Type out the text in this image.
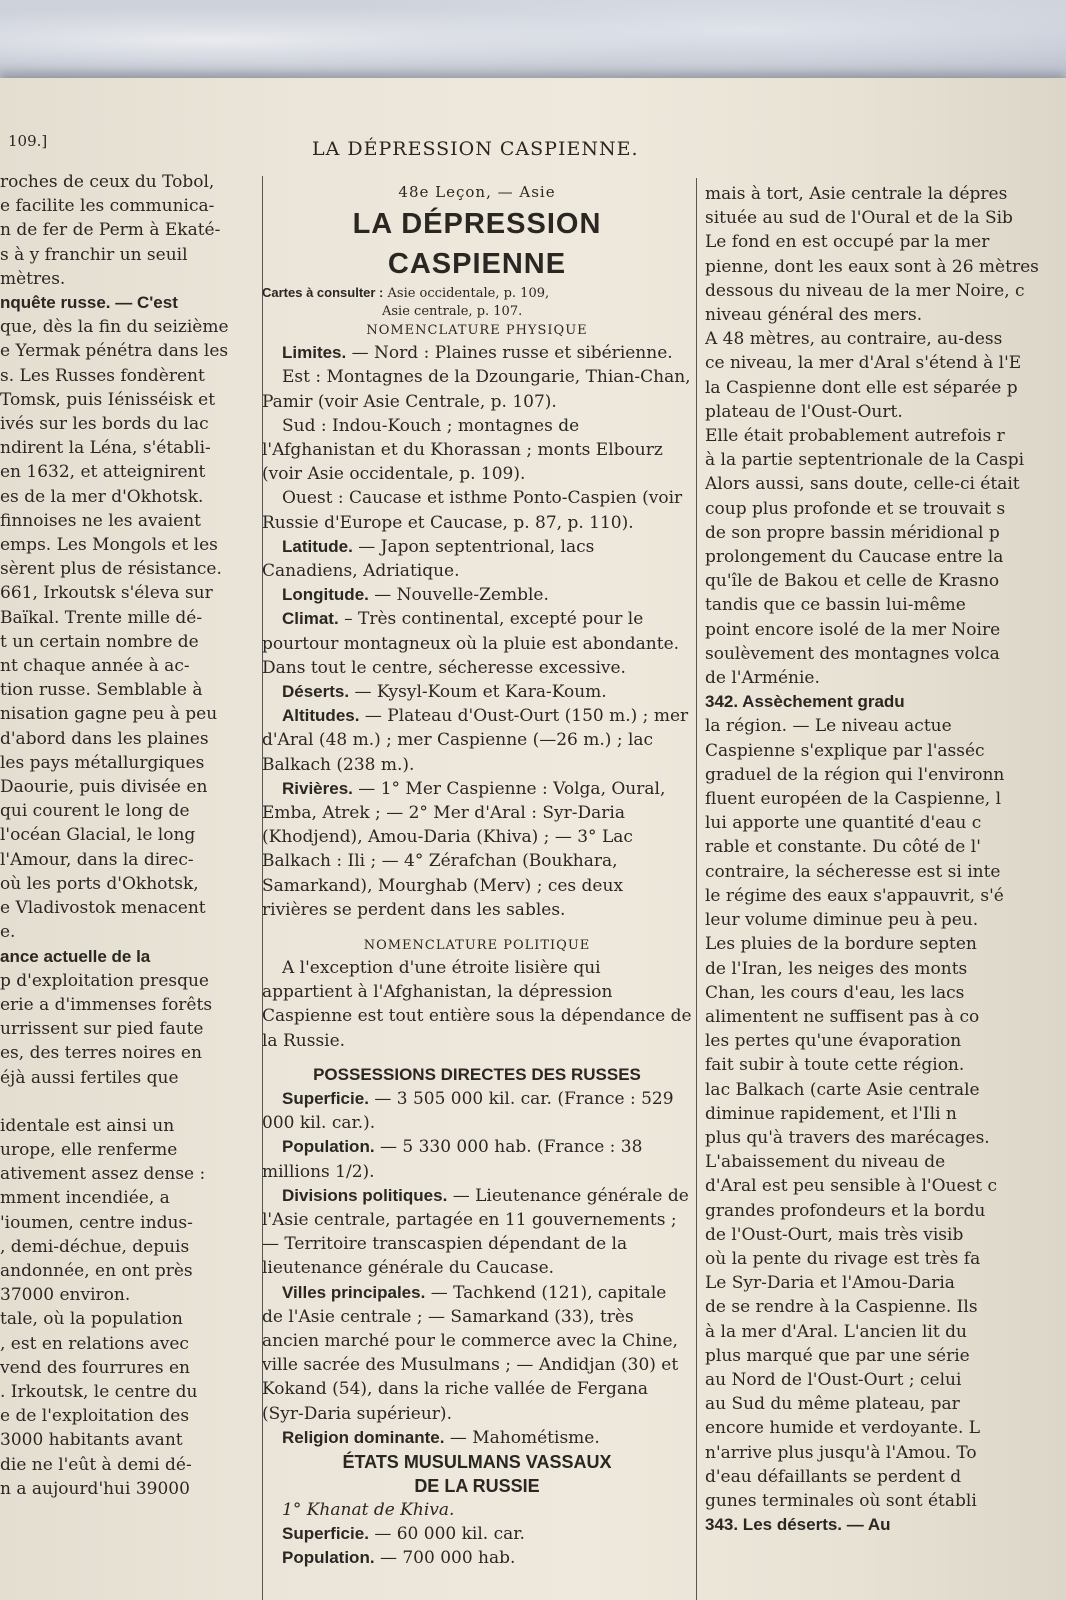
109.]	LA DÉPRESSION CASPIENNE.

roches de ceux du Tobol,

e facilite les communica-

n de fer de Perm à Ekaté-

s à y franchir un seuil

mètres.

nquête russe. — C'est

que, dès la fin du seizième

e Yermak pénétra dans les

s. Les Russes fondèrent

Tomsk, puis Iénisséisk et

ivés sur les bords du lac

ndirent la Léna, s'établi-

en 1632, et atteignirent

es de la mer d'Okhotsk.

finnoises ne les avaient

emps. Les Mongols et les

sèrent plus de résistance.

661, Irkoutsk s'éleva sur

Baïkal. Trente mille dé-

t un certain nombre de

nt chaque année à ac-

tion russe. Semblable à

nisation gagne peu à peu

d'abord dans les plaines

les pays métallurgiques

Daourie, puis divisée en

qui courent le long de

l'océan Glacial, le long

l'Amour, dans la direc-

où les ports d'Okhotsk,

e Vladivostok menacent

e.

ance actuelle de la

p d'exploitation presque

erie a d'immenses forêts

urrissent sur pied faute

es, des terres noires en

éjà aussi fertiles que

identale est ainsi un

urope, elle renferme

ativement assez dense :

mment incendiée, a

'ioumen, centre indus-

, demi-déchue, depuis

andonnée, en ont près

37000 environ.

tale, où la population

, est en relations avec

vend des fourrures en

. Irkoutsk, le centre du

e de l'exploitation des

3000 habitants avant

die ne l'eût à demi dé-

n a aujourd'hui 39000

48e Leçon, — Asie

LA DÉPRESSION CASPIENNE

Cartes à consulter : Asie occidentale, p. 109,
Asie centrale, p. 107.

NOMENCLATURE PHYSIQUE

Limites. — Nord : Plaines russe et sibérienne.

Est : Montagnes de la Dzoungarie, Thian-Chan, Pamir (voir Asie Centrale, p. 107).

Sud : Indou-Kouch ; montagnes de l'Afghanistan et du Khorassan ; monts Elbourz (voir Asie occidentale, p. 109).

Ouest : Caucase et isthme Ponto-Caspien (voir Russie d'Europe et Caucase, p. 87, p. 110).

Latitude. — Japon septentrional, lacs Canadiens, Adriatique.

Longitude. — Nouvelle-Zemble.

Climat. – Très continental, excepté pour le pourtour montagneux où la pluie est abondante. Dans tout le centre, sécheresse excessive.

Déserts. — Kysyl-Koum et Kara-Koum.

Altitudes. — Plateau d'Oust-Ourt (150 m.) ; mer d'Aral (48 m.) ; mer Caspienne (—26 m.) ; lac Balkach (238 m.).

Rivières. — 1° Mer Caspienne : Volga, Oural, Emba, Atrek ; — 2° Mer d'Aral : Syr-Daria (Khodjend), Amou-Daria (Khiva) ; — 3° Lac Balkach : Ili ; — 4° Zérafchan (Boukhara, Samarkand), Mourghab (Merv) ; ces deux rivières se perdent dans les sables.

NOMENCLATURE POLITIQUE

A l'exception d'une étroite lisière qui appartient à l'Afghanistan, la dépression Caspienne est tout entière sous la dépendance de la Russie.

POSSESSIONS DIRECTES DES RUSSES

Superficie. — 3 505 000 kil. car. (France : 529 000 kil. car.).

Population. — 5 330 000 hab. (France : 38 millions 1/2).

Divisions politiques. — Lieutenance générale de l'Asie centrale, partagée en 11 gouvernements ; — Territoire transcaspien dépendant de la lieutenance générale du Caucase.

Villes principales. — Tachkend (121), capitale de l'Asie centrale ; — Samarkand (33), très ancien marché pour le commerce avec la Chine, ville sacrée des Musulmans ; — Andidjan (30) et Kokand (54), dans la riche vallée de Fergana (Syr-Daria supérieur).

Religion dominante. — Mahométisme.

ÉTATS MUSULMANS VASSAUX
DE LA RUSSIE

1° Khanat de Khiva.

Superficie. — 60 000 kil. car.

Population. — 700 000 hab.

mais à tort, Asie centrale la dépres

située au sud de l'Oural et de la Sib

Le fond en est occupé par la mer

pienne, dont les eaux sont à 26 mètres

dessous du niveau de la mer Noire, c

niveau général des mers.

A 48 mètres, au contraire, au-dess

ce niveau, la mer d'Aral s'étend à l'E

la Caspienne dont elle est séparée p

plateau de l'Oust-Ourt.

Elle était probablement autrefois r

à la partie septentrionale de la Caspi

Alors aussi, sans doute, celle-ci était

coup plus profonde et se trouvait s

de son propre bassin méridional p

prolongement du Caucase entre la

qu'île de Bakou et celle de Krasno

tandis que ce bassin lui-même

point encore isolé de la mer Noire

soulèvement des montagnes volca

de l'Arménie.

342. Assèchement gradu

la région. — Le niveau actue

Caspienne s'explique par l'asséc

graduel de la région qui l'environn

fluent européen de la Caspienne, l

lui apporte une quantité d'eau c

rable et constante. Du côté de l'

contraire, la sécheresse est si inte

le régime des eaux s'appauvrit, s'é

leur volume diminue peu à peu.

Les pluies de la bordure septen

de l'Iran, les neiges des monts

Chan, les cours d'eau, les lacs

alimentent ne suffisent pas à co

les pertes qu'une évaporation

fait subir à toute cette région.

lac Balkach (carte Asie centrale

diminue rapidement, et l'Ili n

plus qu'à travers des marécages.

L'abaissement du niveau de

d'Aral est peu sensible à l'Ouest c

grandes profondeurs et la bordu

de l'Oust-Ourt, mais très visib

où la pente du rivage est très fa

Le Syr-Daria et l'Amou-Daria

de se rendre à la Caspienne. Ils

à la mer d'Aral. L'ancien lit du

plus marqué que par une série

au Nord de l'Oust-Ourt ; celui

au Sud du même plateau, par

encore humide et verdoyante. L

n'arrive plus jusqu'à l'Amou. To

d'eau défaillants se perdent d

gunes terminales où sont établi

343. Les déserts. — Au
